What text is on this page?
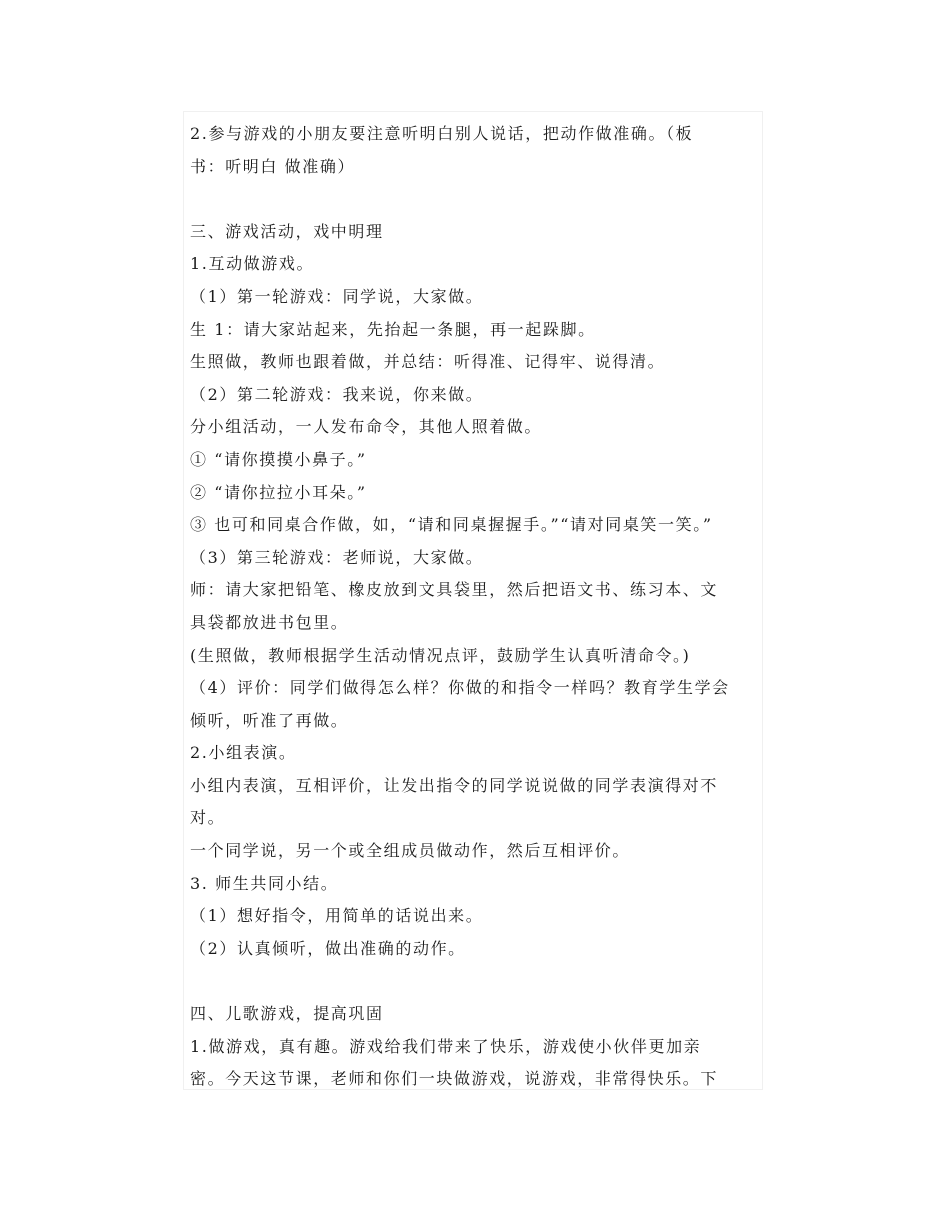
2.参与游戏的小朋友要注意听明白别人说话，把动作做准确。（板
书：听明白 做准确）
三、游戏活动，戏中明理
1.互动做游戏。
（1）第一轮游戏：同学说，大家做。
生 1：请大家站起来，先抬起一条腿，再一起跺脚。
生照做，教师也跟着做，并总结：听得准、记得牢、说得清。
（2）第二轮游戏：我来说，你来做。
分小组活动，一人发布命令，其他人照着做。
① “请你摸摸小鼻子。”
② “请你拉拉小耳朵。”
③ 也可和同桌合作做，如，“请和同桌握握手。”“请对同桌笑一笑。”
（3）第三轮游戏：老师说，大家做。
师：请大家把铅笔、橡皮放到文具袋里，然后把语文书、练习本、文
具袋都放进书包里。
(生照做，教师根据学生活动情况点评，鼓励学生认真听清命令。)
（4）评价：同学们做得怎么样？你做的和指令一样吗？教育学生学会
倾听，听准了再做。
2.小组表演。
小组内表演，互相评价，让发出指令的同学说说做的同学表演得对不
对。
一个同学说，另一个或全组成员做动作，然后互相评价。
3. 师生共同小结。
（1）想好指令，用简单的话说出来。
（2）认真倾听，做出准确的动作。
四、儿歌游戏，提高巩固
1.做游戏，真有趣。游戏给我们带来了快乐，游戏使小伙伴更加亲
密。今天这节课，老师和你们一块做游戏，说游戏，非常得快乐。下
